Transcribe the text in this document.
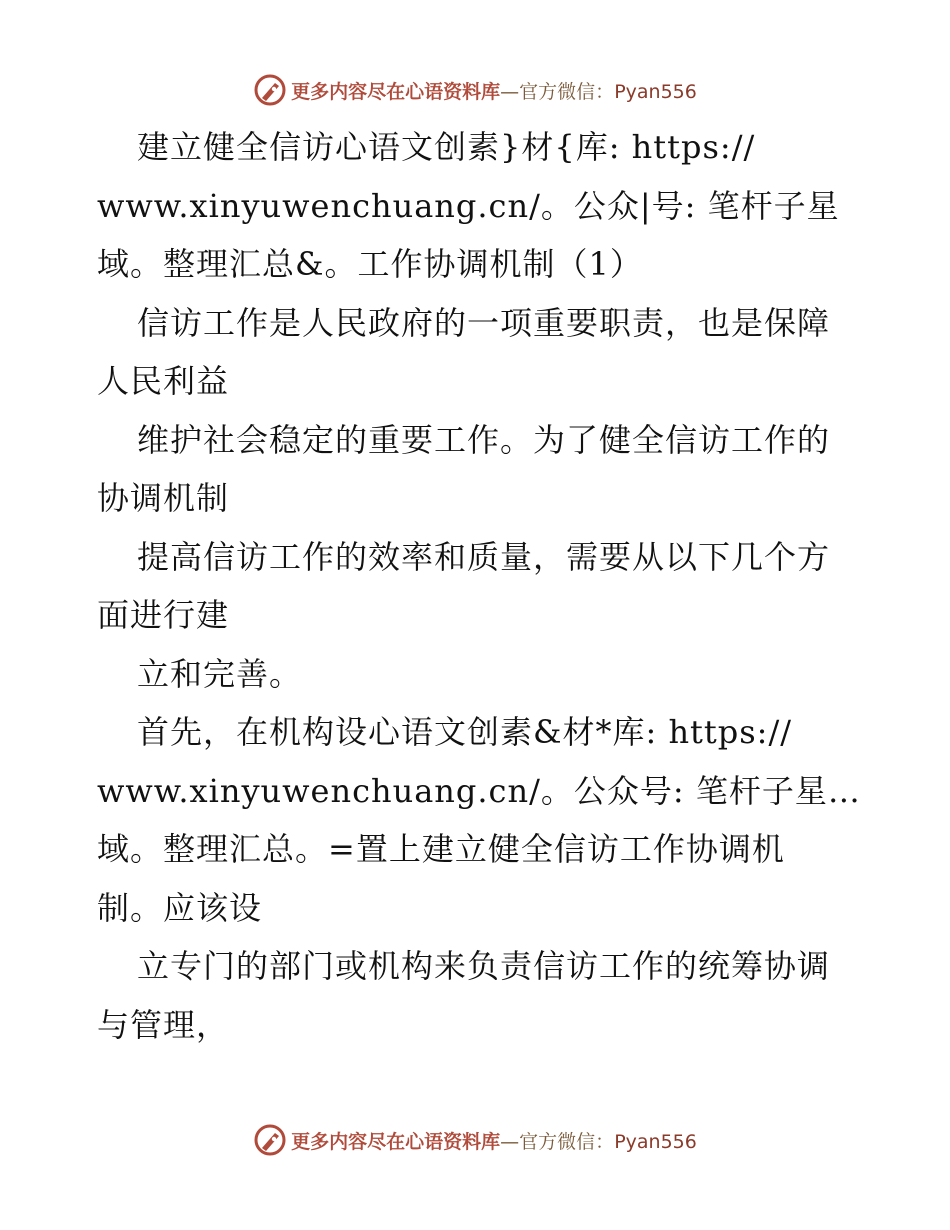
更多内容尽在心语资料库—官方微信：Pyan556
建立健全信访心语文创素}材{库: https://
www.xinyuwenchuang.cn/。公众|号: 笔杆子星
域。整理汇总&。工作协调机制（1）
信访工作是人民政府的一项重要职责，也是保障
人民利益
维护社会稳定的重要工作。为了健全信访工作的
协调机制
提高信访工作的效率和质量，需要从以下几个方
面进行建
立和完善。
首先，在机构设心语文创素&材*库: https://
www.xinyuwenchuang.cn/。公众号: 笔杆子星…
域。整理汇总。=置上建立健全信访工作协调机
制。应该设
立专门的部门或机构来负责信访工作的统筹协调
与管理，
更多内容尽在心语资料库—官方微信：Pyan556
